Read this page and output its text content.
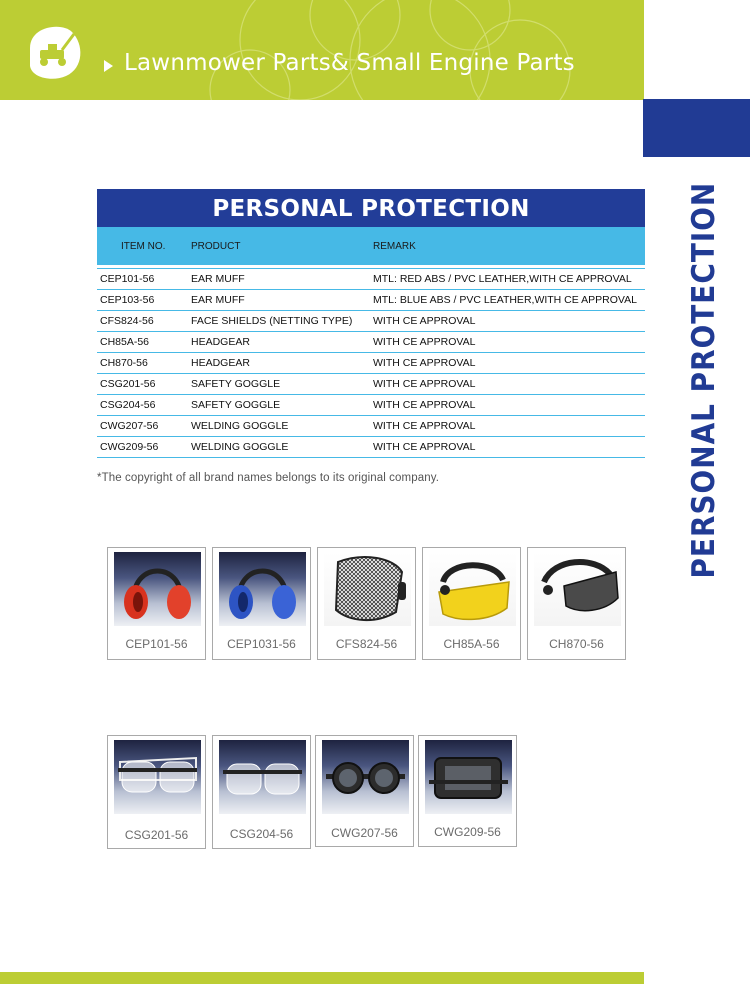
Lawnmower Parts& Small Engine Parts
PERSONAL PROTECTION
PERSONAL PROTECTION
ITEM NO.	PRODUCT	REMARK
CEP101-56	EAR MUFF	MTL: RED ABS / PVC LEATHER,WITH CE APPROVAL
CEP103-56	EAR MUFF	MTL: BLUE ABS / PVC LEATHER,WITH CE APPROVAL
CFS824-56	FACE SHIELDS (NETTING TYPE)	WITH CE APPROVAL
CH85A-56	HEADGEAR	WITH CE APPROVAL
CH870-56	HEADGEAR	WITH CE APPROVAL
CSG201-56	SAFETY GOGGLE	WITH CE APPROVAL
CSG204-56	SAFETY GOGGLE	WITH CE APPROVAL
CWG207-56	WELDING GOGGLE	WITH CE APPROVAL
CWG209-56	WELDING GOGGLE	WITH CE APPROVAL
*The copyright of all brand names belongs to its original company.
CEP101-56	CEP1031-56	CFS824-56	CH85A-56	CH870-56
CSG201-56	CSG204-56	CWG207-56	CWG209-56
